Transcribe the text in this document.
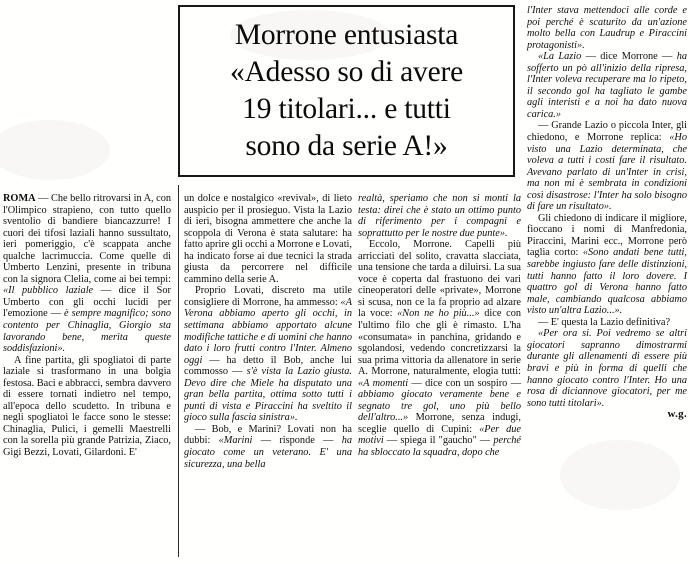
Morrone entusiasta
«Adesso so di avere
19 titolari... e tutti
sono da serie A!»

ROMA — Che bello ritrovarsi in A, con l'Olimpico strapieno, con tutto quello sventolio di bandiere biancazzurre! I cuori dei tifosi laziali hanno sussultato, ieri pomeriggio, c'è scappata anche qualche lacrimuccia. Come quelle di Umberto Lenzini, presente in tribuna con la signora Clelia, come ai bei tempi: «Il pubblico laziale — dice il Sor Umberto con gli occhi lucidi per l'emozione — è sempre magnifico; sono contento per Chinaglia, Giorgio sta lavorando bene, merita queste soddisfazioni».

A fine partita, gli spogliatoi di parte laziale si trasformano in una bolgia festosa. Baci e abbracci, sembra davvero di essere tornati indietro nel tempo, all'epoca dello scudetto. In tribuna e negli spogliatoi le facce sono le stesse: Chinaglia, Pulici, i gemelli Maestrelli con la sorella più grande Patrizia, Ziaco, Gigi Bezzi, Lovati, Gilardoni. E'

un dolce e nostalgico «revival», di lieto auspicio per il prosieguo. Vista la Lazio di ieri, bisogna ammettere che anche la scoppola di Verona è stata salutare: ha fatto aprire gli occhi a Morrone e Lovati, ha indicato forse ai due tecnici la strada giusta da percorrere nel difficile cammino della serie A.

Proprio Lovati, discreto ma utile consigliere di Morrone, ha ammesso: «A Verona abbiamo aperto gli occhi, in settimana abbiamo apportato alcune modifiche tattiche e di uomini che hanno dato i loro frutti contro l'Inter. Almeno oggi — ha detto il Bob, anche lui commosso — s'è vista la Lazio giusta. Devo dire che Miele ha disputato una gran bella partita, ottima sotto tutti i punti di vista e Piraccini ha sveltito il gioco sulla fascia sinistra».

— Bob, e Marini? Lovati non ha dubbi: «Marini — risponde — ha giocato come un veterano. E' una sicurezza, una bella

realtà, speriamo che non si monti la testa: direi che è stato un ottimo punto di riferimento per i compagni e soprattutto per le nostre due punte».

Eccolo, Morrone. Capelli più arricciati del solito, cravatta slacciata, una tensione che tarda a diluirsi. La sua voce è coperta dal frastuono dei vari cineoperatori delle «private», Morrone si scusa, non ce la fa proprio ad alzare la voce: «Non ne ho più...» dice con l'ultimo filo che gli è rimasto. L'ha «consumata» in panchina, gridando e sgolandosi, vedendo concretizzarsi la sua prima vittoria da allenatore in serie A. Morrone, naturalmente, elogia tutti: «A momenti — dice con un sospiro — abbiamo giocato veramente bene e segnato tre gol, uno più bello dell'altro...» Morrone, senza indugi, sceglie quello di Cupini: «Per due motivi — spiega il "gaucho" — perché ha sbloccato la squadra, dopo che

l'Inter stava mettendoci alle corde e poi perché è scaturito da un'azione molto bella con Laudrup e Piraccini protagonisti».

«La Lazio — dice Morrone — ha sofferto un pò all'inizio della ripresa, l'Inter voleva recuperare ma lo ripeto, il secondo gol ha tagliato le gambe agli interisti e a noi ha dato nuova carica.»

— Grande Lazio o piccola Inter, gli chiedono, e Morrone replica: «Ho visto una Lazio determinata, che voleva a tutti i costi fare il risultato. Avevano parlato di un'Inter in crisi, ma non mi è sembrata in condizioni così disastrose: l'Inter ha solo bisogno di fare un risultato».

Gli chiedono di indicare il migliore, fioccano i nomi di Manfredonia, Piraccini, Marini ecc., Morrone però taglia corto: «Sono andati bene tutti, sarebbe ingiusto fare delle distinzioni, tutti hanno fatto il loro dovere. I quattro gol di Verona hanno fatto male, cambiando qualcosa abbiamo visto un'altra Lazio...».

— E' questa la Lazio definitiva?

«Per ora si. Poi vedremo se altri giocatori sapranno dimostrarmi durante gli allenamenti di essere più bravi e più in forma di quelli che hanno giocato contro l'Inter. Ho una rosa di diciannove giocatori, per me sono tutti titolari».

w.g.
